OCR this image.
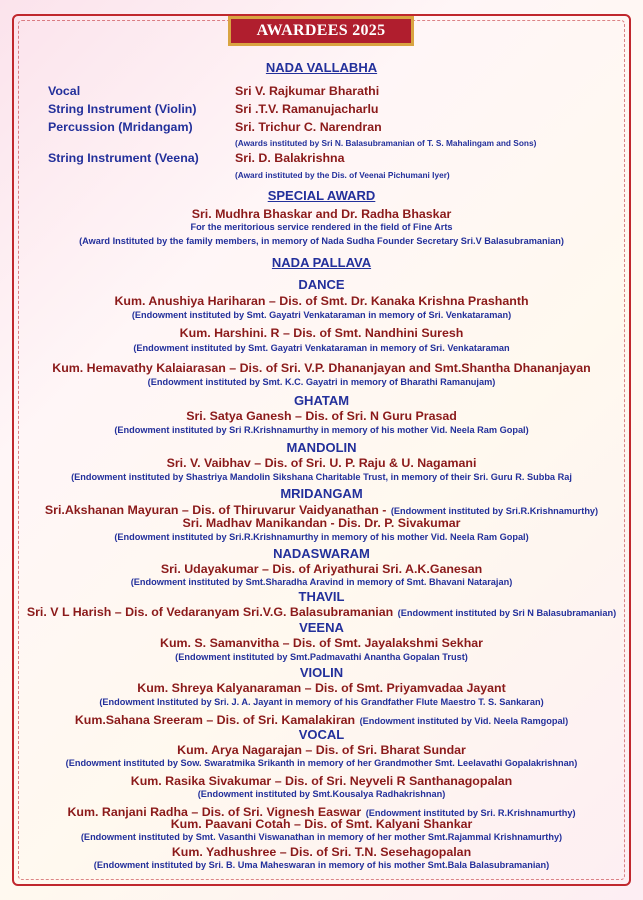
AWARDEES 2025
NADA VALLABHA
Vocal	Sri V. Rajkumar Bharathi
String Instrument (Violin)	Sri .T.V. Ramanujacharlu
Percussion (Mridangam)	Sri. Trichur C. Narendran
(Awards instituted by Sri N. Balasubramanian of T. S. Mahalingam and Sons)
String Instrument (Veena)	Sri. D. Balakrishna
(Award instituted by the Dis. of Veenai Pichumani Iyer)
SPECIAL AWARD
Sri. Mudhra Bhaskar and Dr. Radha Bhaskar
For the meritorious service rendered in the field of Fine Arts
(Award Instituted by the family members, in memory of Nada Sudha Founder Secretary Sri.V Balasubramanian)
NADA PALLAVA
DANCE
Kum. Anushiya Hariharan – Dis. of Smt. Dr. Kanaka Krishna Prashanth
(Endowment instituted by Smt. Gayatri Venkataraman in memory of Sri. Venkataraman)
Kum. Harshini. R – Dis. of Smt. Nandhini Suresh
(Endowment instituted by Smt. Gayatri Venkataraman in memory of Sri. Venkataraman
Kum. Hemavathy Kalaiarasan – Dis. of Sri. V.P. Dhananjayan and Smt.Shantha Dhananjayan
(Endowment instituted by Smt. K.C. Gayatri in memory of Bharathi Ramanujam)
GHATAM
Sri. Satya Ganesh – Dis. of Sri. N Guru Prasad
(Endowment instituted by Sri R.Krishnamurthy in memory of his mother Vid. Neela Ram Gopal)
MANDOLIN
Sri. V. Vaibhav – Dis. of Sri. U. P. Raju & U. Nagamani
(Endowment instituted by Shastriya Mandolin Sikshana Charitable Trust, in memory of their Sri. Guru R. Subba Raj
MRIDANGAM
Sri.Akshanan Mayuran – Dis. of Thiruvarur Vaidyanathan - (Endowment instituted by Sri.R.Krishnamurthy)
Sri. Madhav Manikandan - Dis. Dr. P. Sivakumar
(Endowment instituted by Sri.R.Krishnamurthy in memory of his mother Vid. Neela Ram Gopal)
NADASWARAM
Sri. Udayakumar – Dis. of Ariyathurai Sri. A.K.Ganesan
(Endowment instituted by Smt.Sharadha Aravind in memory of Smt. Bhavani Natarajan)
THAVIL
Sri. V L Harish – Dis. of Vedaranyam Sri.V.G. Balasubramanian (Endowment instituted by Sri N Balasubramanian)
VEENA
Kum. S. Samanvitha – Dis. of Smt. Jayalakshmi Sekhar
(Endowment instituted by Smt.Padmavathi Anantha Gopalan Trust)
VIOLIN
Kum. Shreya Kalyanaraman – Dis. of Smt. Priyamvadaa Jayant
(Endowment Instituted by Sri. J. A. Jayant in memory of his Grandfather Flute Maestro T. S. Sankaran)
Kum.Sahana Sreeram – Dis. of Sri. Kamalakiran (Endowment instituted by Vid. Neela Ramgopal)
VOCAL
Kum. Arya Nagarajan – Dis. of Sri. Bharat Sundar
(Endowment instituted by Sow. Swaratmika Srikanth in memory of her Grandmother Smt. Leelavathi Gopalakrishnan)
Kum. Rasika Sivakumar – Dis. of Sri. Neyveli R Santhanagopalan
(Endowment instituted by Smt.Kousalya Radhakrishnan)
Kum. Ranjani Radha – Dis. of Sri. Vignesh Easwar (Endowment instituted by Sri. R.Krishnamurthy)
Kum. Paavani Cotah – Dis. of Smt. Kalyani Shankar
(Endowment instituted by Smt. Vasanthi Viswanathan in memory of her mother Smt.Rajammal Krishnamurthy)
Kum. Yadhushree – Dis. of Sri. T.N. Sesehagopalan
(Endowment instituted by Sri. B. Uma Maheswaran in memory of his mother Smt.Bala Balasubramanian)
